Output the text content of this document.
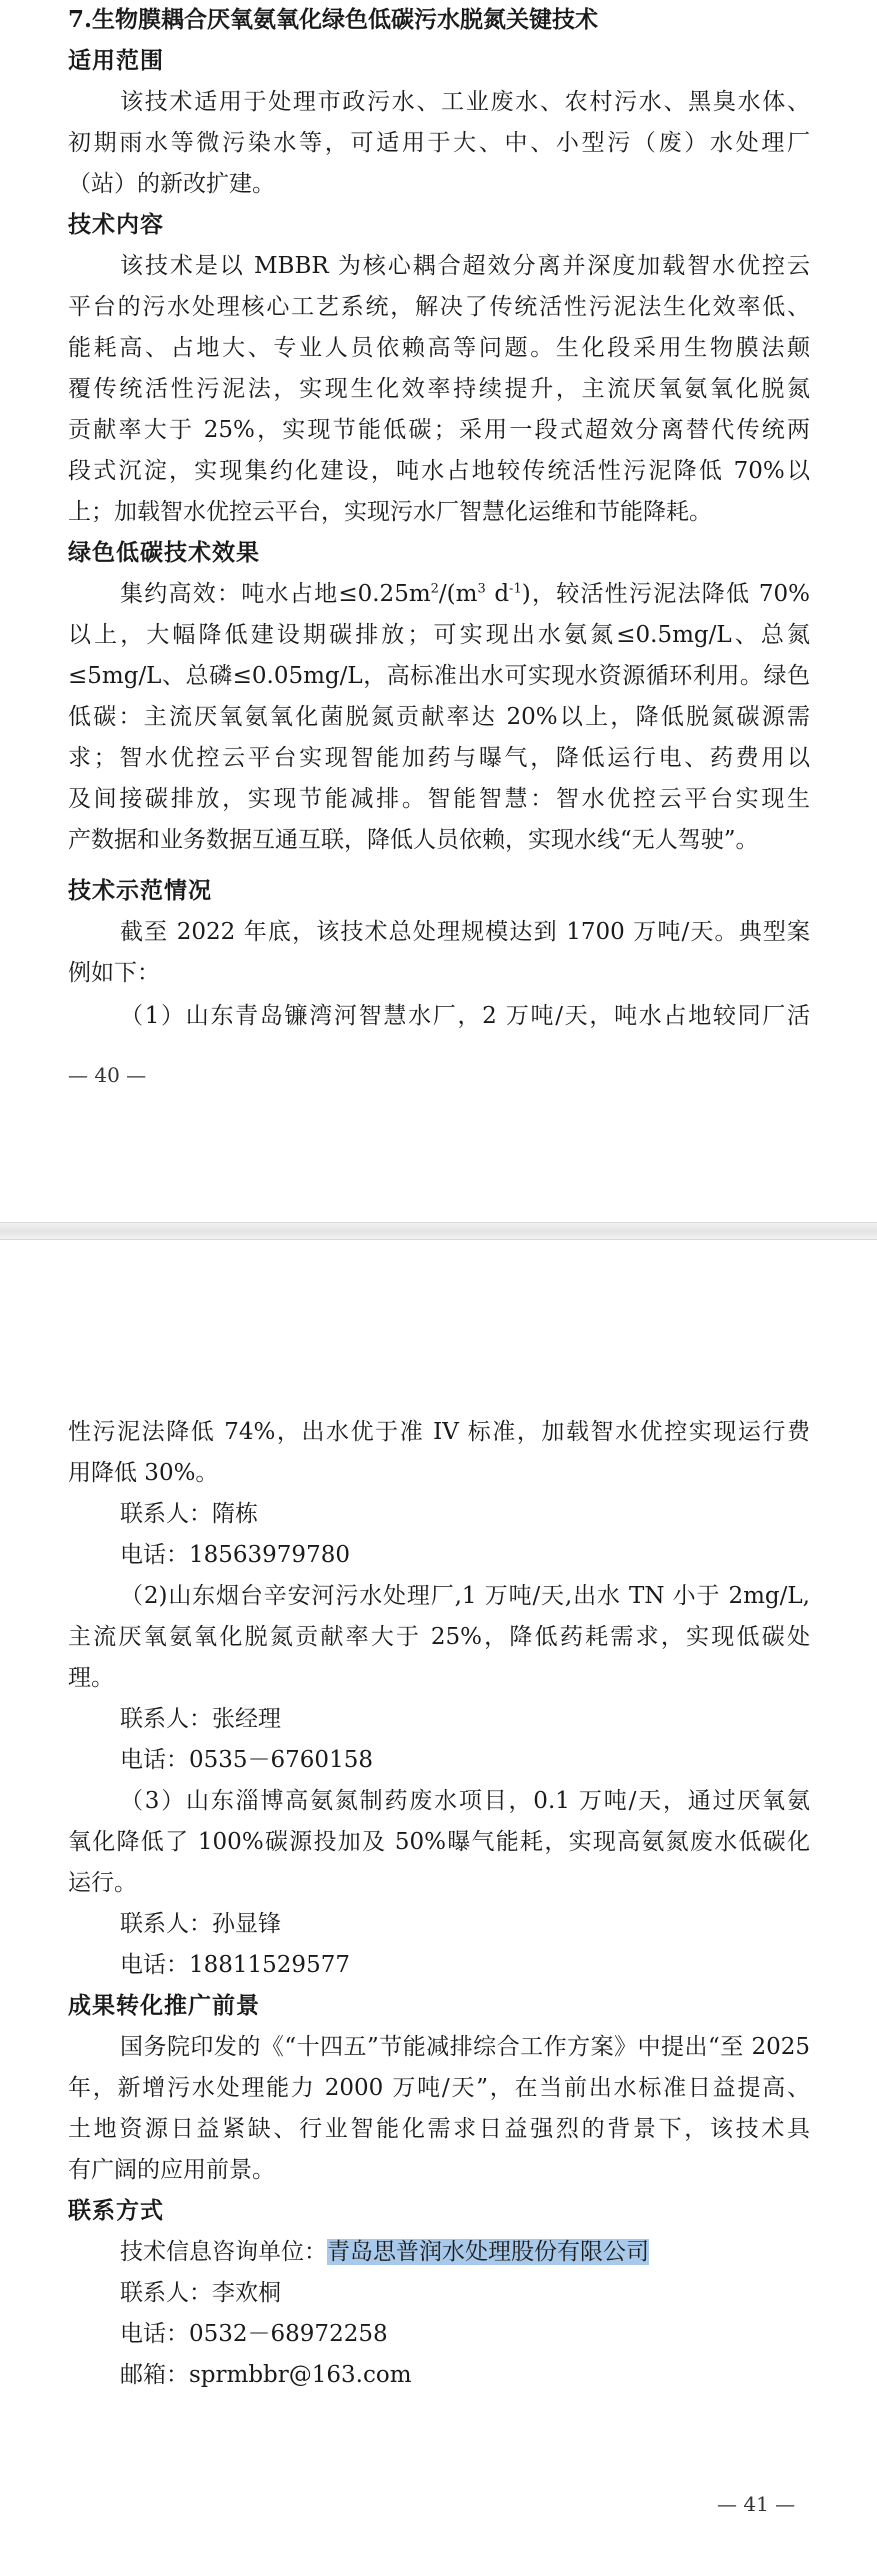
7.生物膜耦合厌氧氨氧化绿色低碳污水脱氮关键技术
适用范围
该技术适用于处理市政污水、工业废水、农村污水、黑臭水体、
初期雨水等微污染水等，可适用于大、中、小型污（废）水处理厂
（站）的新改扩建。
技术内容
该技术是以 MBBR 为核心耦合超效分离并深度加载智水优控云
平台的污水处理核心工艺系统，解决了传统活性污泥法生化效率低、
能耗高、占地大、专业人员依赖高等问题。生化段采用生物膜法颠
覆传统活性污泥法，实现生化效率持续提升，主流厌氧氨氧化脱氮
贡献率大于 25%，实现节能低碳；采用一段式超效分离替代传统两
段式沉淀，实现集约化建设，吨水占地较传统活性污泥降低 70%以
上；加载智水优控云平台，实现污水厂智慧化运维和节能降耗。
绿色低碳技术效果
集约高效：吨水占地$\le 0.25m^2/(m^3$ $d^{-1}$)，较活性污泥法降低 70%
以上，大幅降低建设期碳排放；可实现出水氨氮≤0.5mg/L、总氮
≤5mg/L、总磷≤0.05mg/L，高标准出水可实现水资源循环利用。绿色
低碳：主流厌氧氨氧化菌脱氮贡献率达 20%以上，降低脱氮碳源需
求；智水优控云平台实现智能加药与曝气，降低运行电、药费用以
及间接碳排放，实现节能减排。智能智慧：智水优控云平台实现生
产数据和业务数据互通互联，降低人员依赖，实现水线“无人驾驶”。
技术示范情况
截至 2022 年底，该技术总处理规模达到 1700 万吨/天。典型案
例如下：
（1）山东青岛镰湾河智慧水厂，2 万吨/天，吨水占地较同厂活
— 40 —
性污泥法降低 74%，出水优于准 IV 标准，加载智水优控实现运行费
用降低 30%。
联系人：隋栋
电话：18563979780
（2)山东烟台辛安河污水处理厂,1 万吨/天,出水 TN 小于 2mg/L,
主流厌氧氨氧化脱氮贡献率大于 25%，降低药耗需求，实现低碳处
理。
联系人：张经理
电话：0535－6760158
（3）山东淄博高氨氮制药废水项目，0.1 万吨/天，通过厌氧氨
氧化降低了 100%碳源投加及 50%曝气能耗，实现高氨氮废水低碳化
运行。
联系人：孙显锋
电话：18811529577
成果转化推广前景
国务院印发的《“十四五”节能减排综合工作方案》中提出“至 2025
年，新增污水处理能力 2000 万吨/天”，在当前出水标准日益提高、
土地资源日益紧缺、行业智能化需求日益强烈的背景下，该技术具
有广阔的应用前景。
联系方式
技术信息咨询单位：青岛思普润水处理股份有限公司
联系人：李欢桐
电话：0532－68972258
邮箱：sprmbbr@163.com
— 41 —
